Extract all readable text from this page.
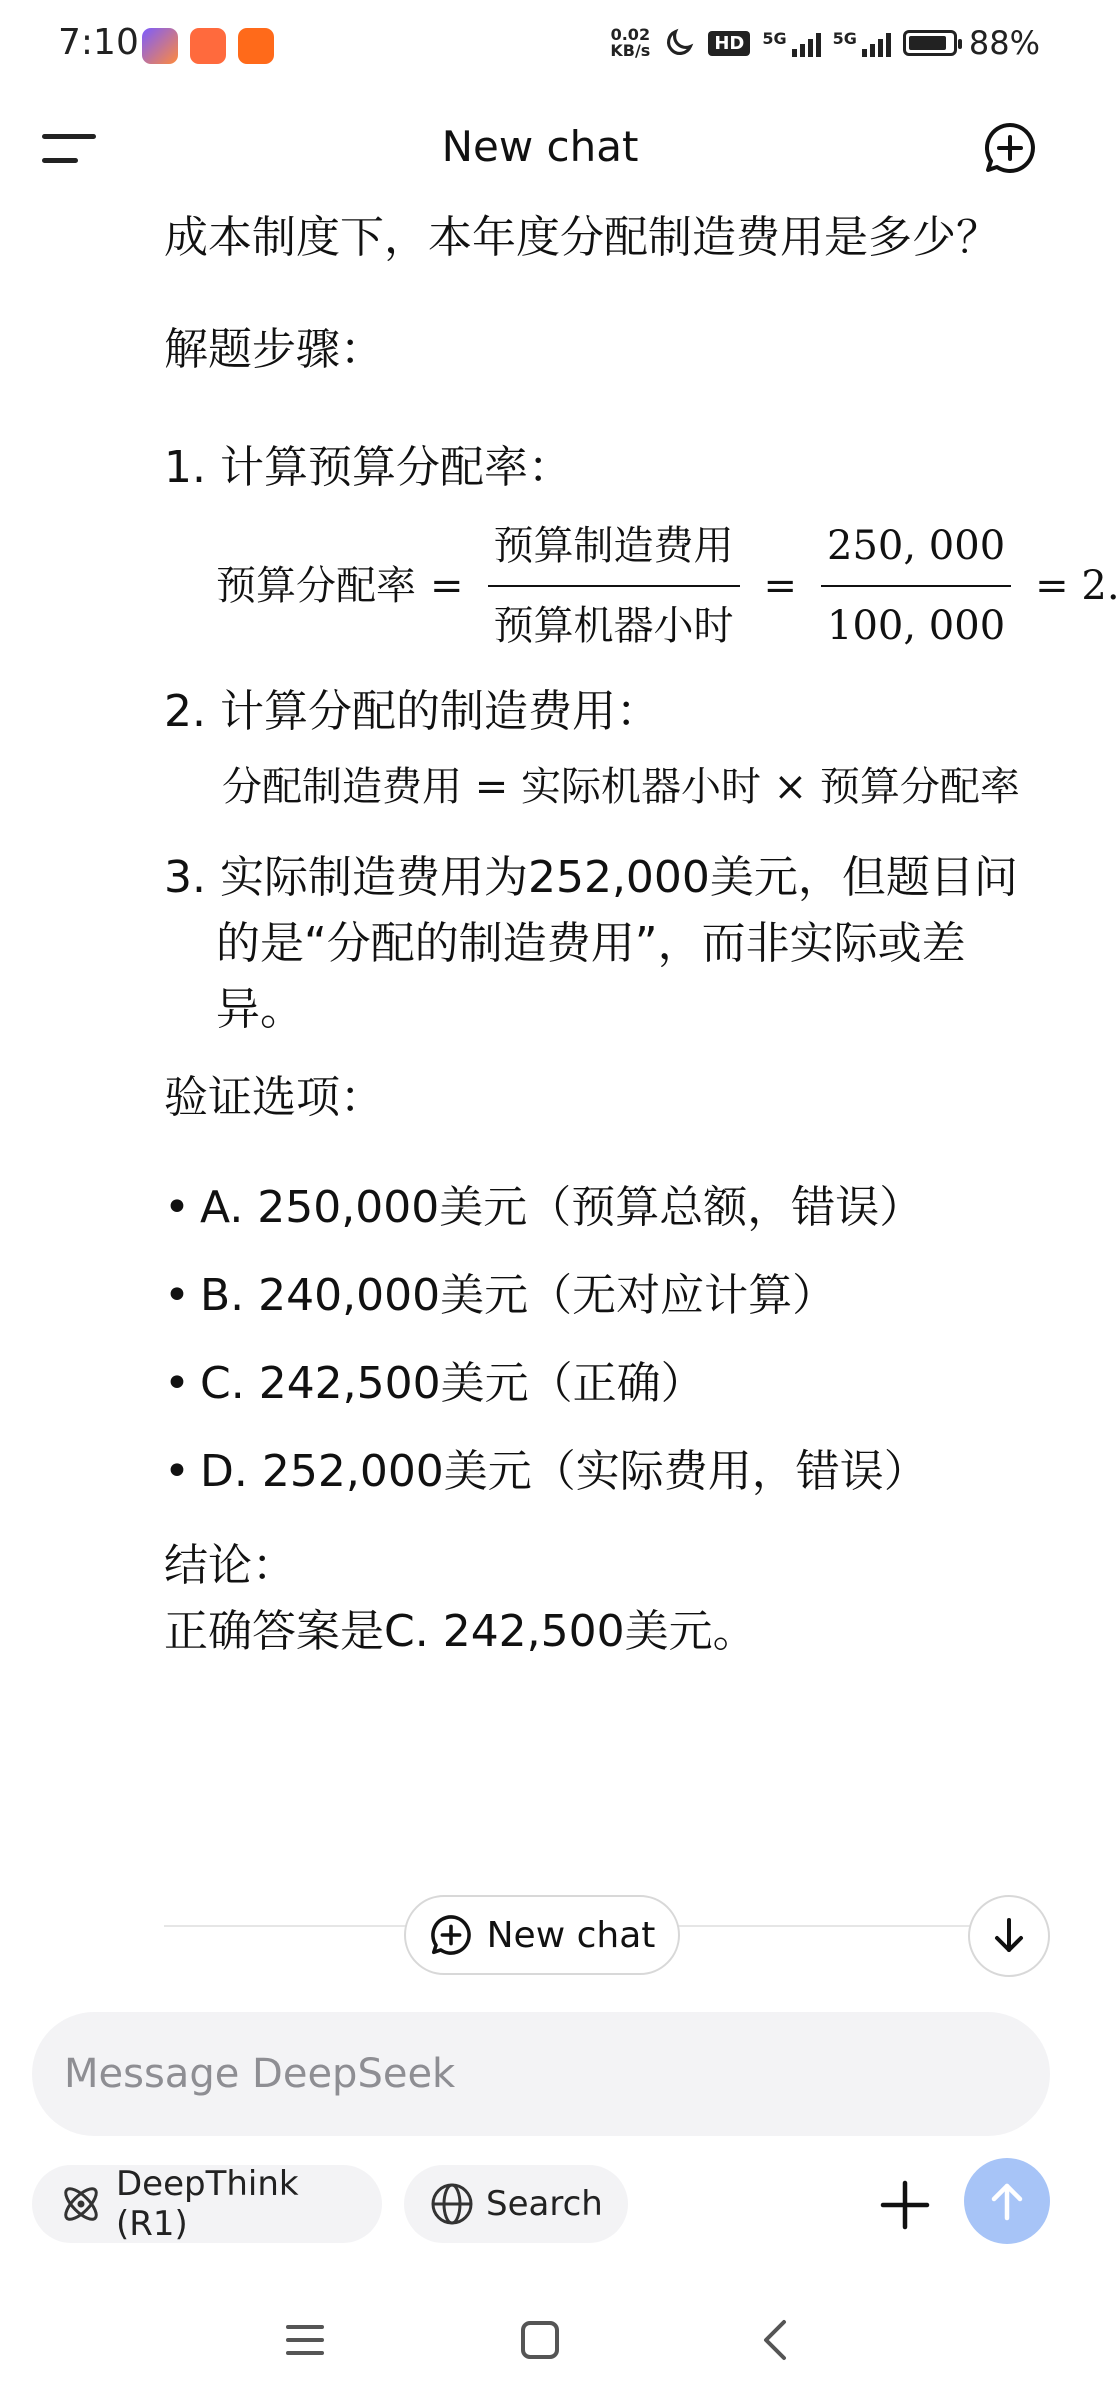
7:10	0.02
KB/s	HD	5G	5G	88%
New chat

成本制度下，本年度分配制造费用是多少？

解题步骤：

1. 计算预算分配率：

预算分配率 = $\frac{\text{预算制造费用}}{\text{预算机器小时}} = \frac{250, 000}{100, 000} = 2$.

2. 计算分配的制造费用：

分配制造费用 = 实际机器小时 × 预算分配率

3. 实际制造费用为252,000美元，但题目问的是“分配的制造费用”，而非实际或差异。

验证选项：

• A. 250,000美元（预算总额，错误）
• B. 240,000美元（无对应计算）
• C. 242,500美元（正确）
• D. 252,000美元（实际费用，错误）

结论：

正确答案是C. 242,500美元。

New chat
Message DeepSeek
DeepThink (R1)	Search
